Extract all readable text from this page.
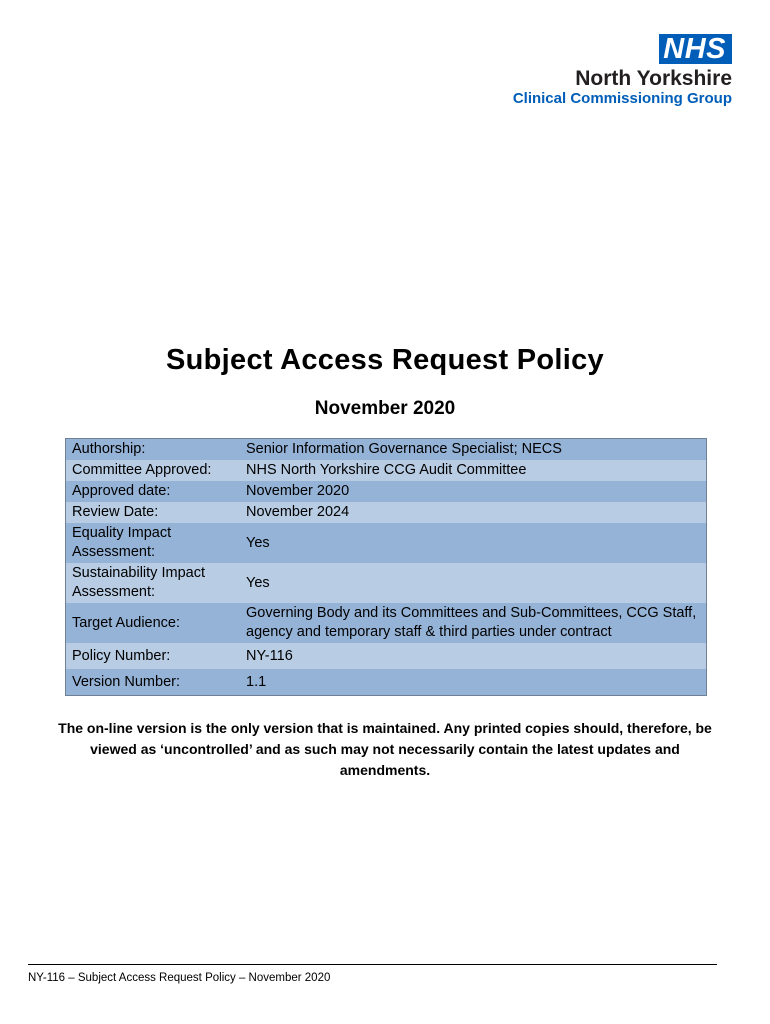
NHS
North Yorkshire
Clinical Commissioning Group
Subject Access Request Policy
November 2020
Authorship:	Senior Information Governance Specialist; NECS
Committee Approved:	NHS North Yorkshire CCG Audit Committee
Approved date:	November 2020
Review Date:	November 2024
Equality Impact Assessment:	Yes
Sustainability Impact Assessment:	Yes
Target Audience:	Governing Body and its Committees and Sub-Committees, CCG Staff, agency and temporary staff & third parties under contract
Policy Number:	NY-116
Version Number:	1.1
The on-line version is the only version that is maintained. Any printed copies should, therefore, be viewed as ‘uncontrolled’ and as such may not necessarily contain the latest updates and amendments.
NY-116 – Subject Access Request Policy – November 2020
